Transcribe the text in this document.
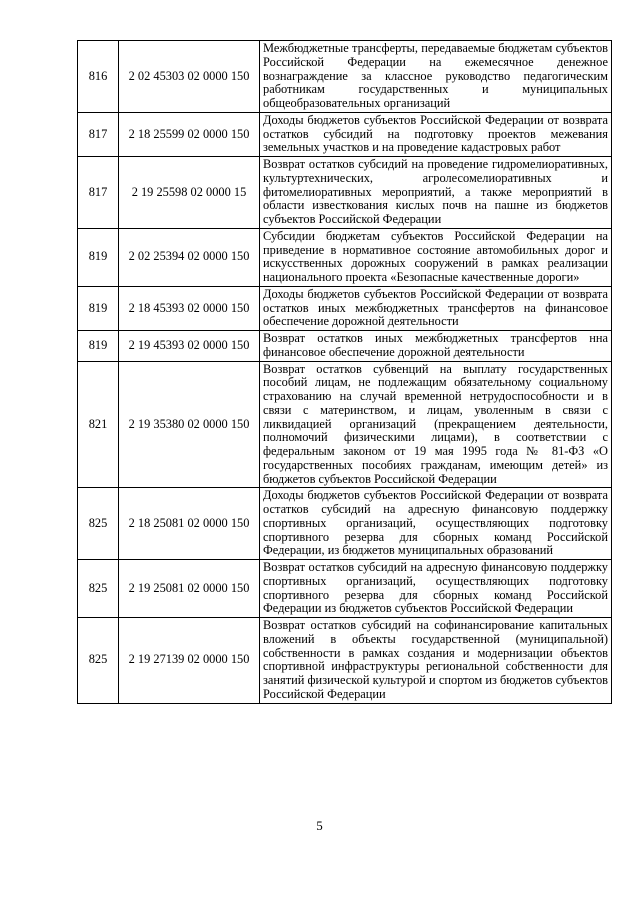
816	2 02 45303 02 0000 150	Межбюджетные трансферты, передаваемые бюджетам субъектов Российской Федерации на ежемесячное денежное вознаграждение за классное руководство педагогическим работникам государственных и муниципальных общеобразовательных организаций
817	2 18 25599 02 0000 150	Доходы бюджетов субъектов Российской Федерации от возврата остатков субсидий на подготовку проектов межевания земельных участков и на проведение кадастровых работ
817	2 19 25598 02 0000 15	Возврат остатков субсидий на проведение гидромелиоративных, культуртехнических, агролесомелиоративных и фитомелиоративных мероприятий, а также мероприятий в области известкования кислых почв на пашне из бюджетов субъектов Российской Федерации
819	2 02 25394 02 0000 150	Субсидии бюджетам субъектов Российской Федерации на приведение в нормативное состояние автомобильных дорог и искусственных дорожных сооружений в рамках реализации национального проекта «Безопасные качественные дороги»
819	2 18 45393 02 0000 150	Доходы бюджетов субъектов Российской Федерации от возврата остатков иных межбюджетных трансфертов на финансовое обеспечение дорожной деятельности
819	2 19 45393 02 0000 150	Возврат остатков иных межбюджетных трансфертов нна финансовое обеспечение дорожной деятельности
821	2 19 35380 02 0000 150	Возврат остатков субвенций на выплату государственных пособий лицам, не подлежащим обязательному социальному страхованию на случай временной нетрудоспособности и в связи с материнством, и лицам, уволенным в связи с ликвидацией организаций (прекращением деятельности, полномочий физическими лицами), в соответствии с федеральным законом от 19 мая 1995 года № 81-ФЗ «О государственных пособиях гражданам, имеющим детей» из бюджетов субъектов Российской Федерации
825	2 18 25081 02 0000 150	Доходы бюджетов субъектов Российской Федерации от возврата остатков субсидий на адресную финансовую поддержку спортивных организаций, осуществляющих подготовку спортивного резерва для сборных команд Российской Федерации, из бюджетов муниципальных образований
825	2 19 25081 02 0000 150	Возврат остатков субсидий на адресную финансовую поддержку спортивных организаций, осуществляющих подготовку спортивного резерва для сборных команд Российской Федерации из бюджетов субъектов Российской Федерации
825	2 19 27139 02 0000 150	Возврат остатков субсидий на софинансирование капитальных вложений в объекты государственной (муниципальной) собственности в рамках создания и модернизации объектов спортивной инфраструктуры региональной собственности для занятий физической культурой и спортом из бюджетов субъектов Российской Федерации
5
